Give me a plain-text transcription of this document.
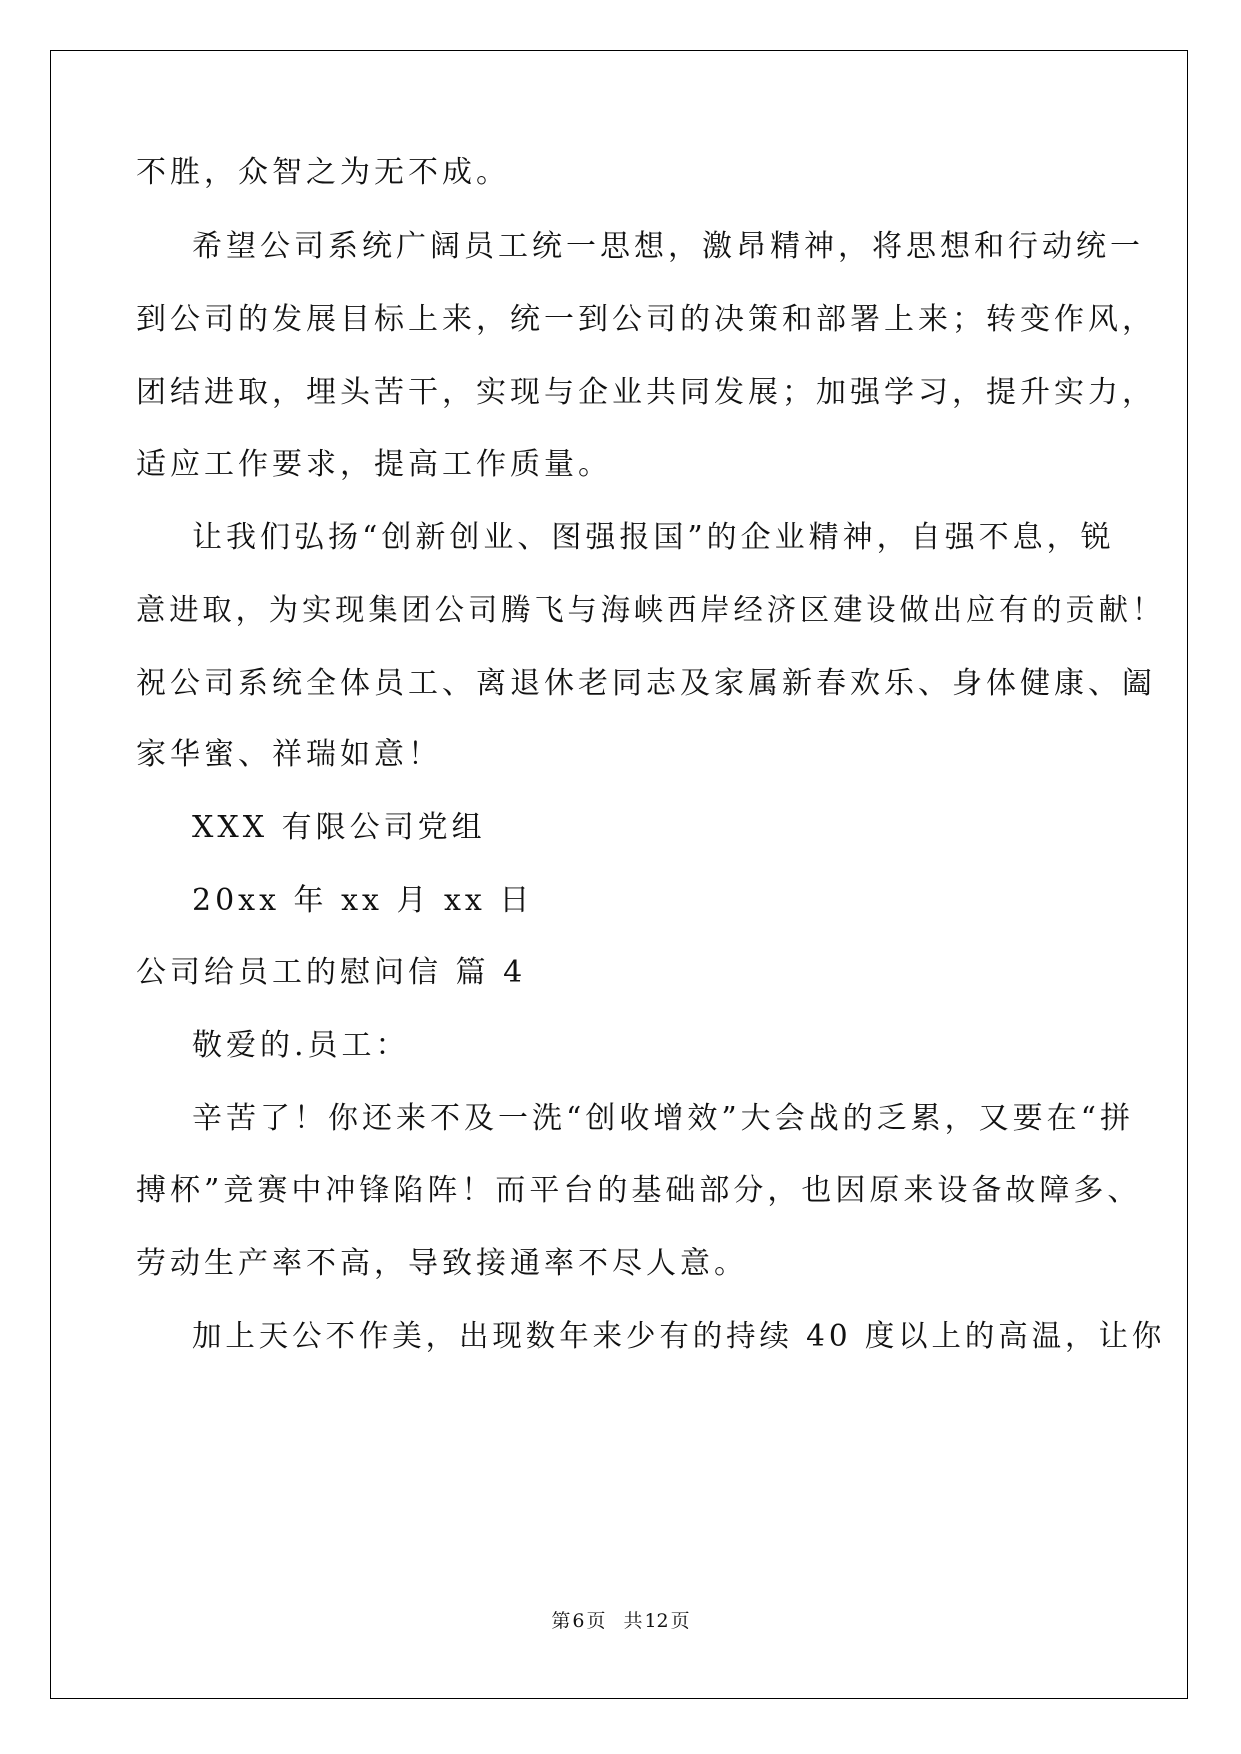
不胜，众智之为无不成。
希望公司系统广阔员工统一思想，激昂精神，将思想和行动统一
到公司的发展目标上来，统一到公司的决策和部署上来；转变作风，
团结进取，埋头苦干，实现与企业共同发展；加强学习，提升实力，
适应工作要求，提高工作质量。
让我们弘扬“创新创业、图强报国”的企业精神，自强不息，锐
意进取，为实现集团公司腾飞与海峡西岸经济区建设做出应有的贡献！
祝公司系统全体员工、离退休老同志及家属新春欢乐、身体健康、阖
家华蜜、祥瑞如意！
XXX 有限公司党组
20xx 年 xx 月 xx 日
公司给员工的慰问信 篇 4
敬爱的.员工：
辛苦了！你还来不及一洗“创收增效”大会战的乏累，又要在“拼
搏杯”竞赛中冲锋陷阵！而平台的基础部分，也因原来设备故障多、
劳动生产率不高，导致接通率不尽人意。
加上天公不作美，出现数年来少有的持续 40 度以上的高温，让你
第 6 页 共 12 页
